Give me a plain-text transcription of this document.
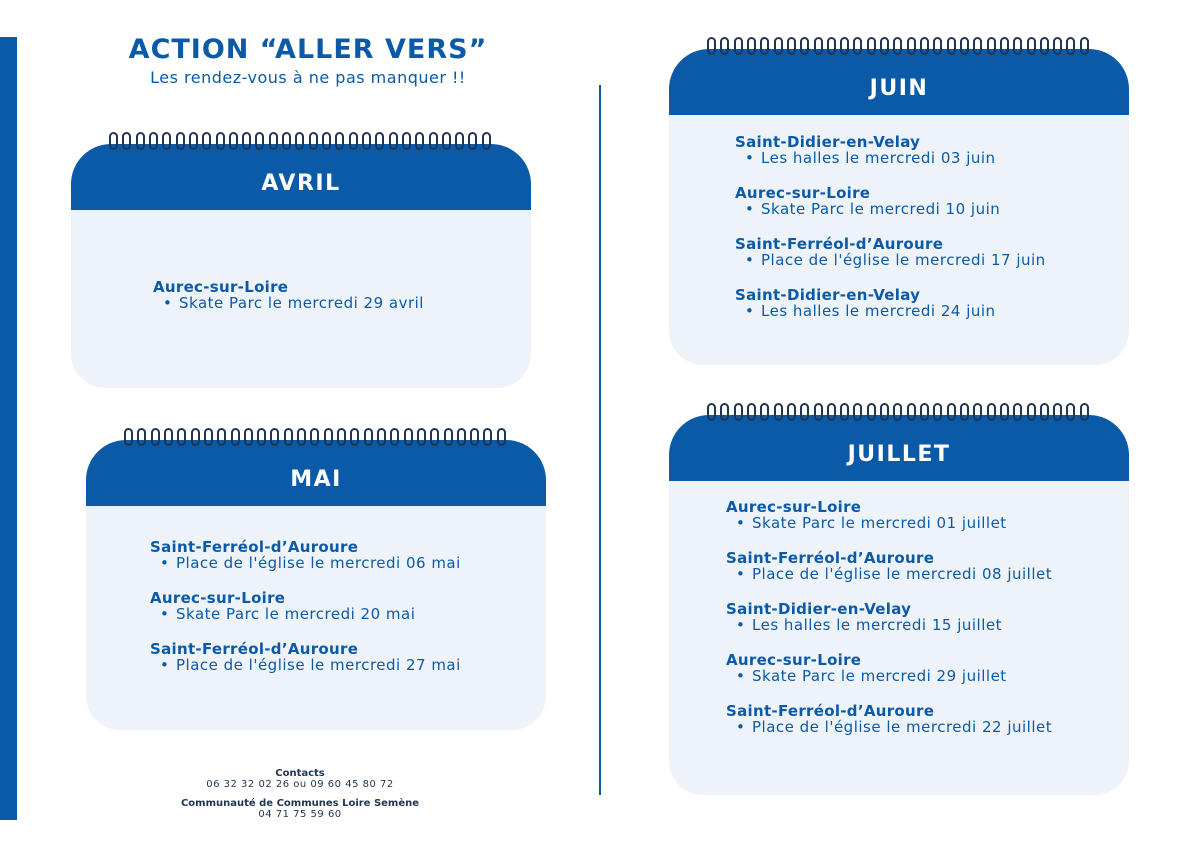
ACTION “ALLER VERS”
Les rendez-vous à ne pas manquer !!
AVRIL
Aurec-sur-Loire
• Skate Parc le mercredi 29 avril
MAI
Saint-Ferréol-d’Auroure
• Place de l'église le mercredi 06 mai
Aurec-sur-Loire
• Skate Parc le mercredi 20 mai
Saint-Ferréol-d’Auroure
• Place de l'église le mercredi 27 mai
JUIN
Saint-Didier-en-Velay
• Les halles le mercredi 03 juin
Aurec-sur-Loire
• Skate Parc le mercredi 10 juin
Saint-Ferréol-d’Auroure
• Place de l'église le mercredi 17 juin
Saint-Didier-en-Velay
• Les halles le mercredi 24 juin
JUILLET
Aurec-sur-Loire
• Skate Parc le mercredi 01 juillet
Saint-Ferréol-d’Auroure
• Place de l'église le mercredi 08 juillet
Saint-Didier-en-Velay
• Les halles le mercredi 15 juillet
Aurec-sur-Loire
• Skate Parc le mercredi 29 juillet
Saint-Ferréol-d’Auroure
• Place de l'église le mercredi 22 juillet
Contacts
06 32 32 02 26 ou 09 60 45 80 72
Communauté de Communes Loire Semène
04 71 75 59 60
